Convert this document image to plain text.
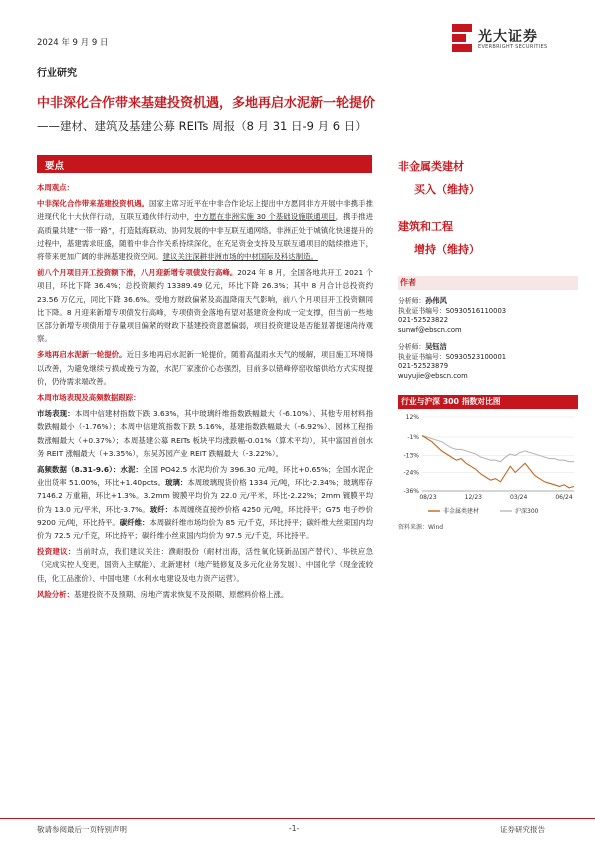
2024 年 9 月 9 日	光大证券
EVERBRIGHT SECURITIES
行业研究
中非深化合作带来基建投资机遇，多地再启水泥新一轮提价
——建材、建筑及基建公募 REITs 周报（8 月 31 日-9 月 6 日）
要点

本周观点：

中非深化合作带来基建投资机遇。国家主席习近平在中非合作论坛上提出中方愿同非方开展中非携手推进现代化十大伙伴行动，互联互通伙伴行动中，中方愿在非洲实施 30 个基础设施联通项目，携手推进高质量共建“一带一路”，打造陆海联动、协同发展的中非互联互通网络。非洲正处于城镇化快速提升的过程中，基建需求旺盛，随着中非合作关系持续深化，在充足资金支持及互联互通项目的陆续推进下，将带来更加广阔的非洲基建投资空间。建议关注深耕非洲市场的中材国际及科达制造。

前八个月项目开工投资额下滑，八月迎新增专项债发行高峰。2024 年 8 月，全国各地共开工 2021 个项目，环比下降 36.4%；总投资额约 13389.49 亿元，环比下降 26.3%；其中 8 月合计总投资约 23.56 万亿元，同比下降 36.6%。受地方财政偏紧及高温降雨天气影响，前八个月项目开工投资额同比下降。8 月迎来新增专项债发行高峰，专项债资金落地有望对基建资金构成一定支撑，但当前一些地区部分新增专项债用于存量项目偏紧的财政下基建投资意愿偏弱，项目投资建设是否能显著提速尚待观察。

多地再启水泥新一轮提价。近日多地再启水泥新一轮提价，随着高温雨水天气的缓解，项目施工环境得以改善，为避免继续亏损或挽亏为盈，水泥厂家涨价心态强烈，目前多以错峰停窑收缩供给方式实现提价，仍待需求端改善。

本周市场表现及高频数据跟踪：

市场表现：本周中信建材指数下跌 3.63%，其中玻璃纤维指数跌幅最大（-6.10%）、其他专用材料指数跌幅最小（-1.76%）；本周中信建筑指数下跌 5.16%，基建指数跌幅最大（-6.92%）、园林工程指数涨幅最大（+0.37%）；本周基建公募 REITs 板块平均涨跌幅-0.01%（算术平均），其中富国首创水务 REIT 涨幅最大（+3.35%），东吴苏园产业 REIT 跌幅最大（-3.22%）。

高频数据（8.31-9.6）：水泥：全国 PO42.5 水泥均价为 396.30 元/吨，环比+0.65%；全国水泥企业出货率 51.00%，环比+1.40pcts。玻璃：本周玻璃现货价格 1334 元/吨，环比-2.34%；玻璃库存 7146.2 万重箱，环比+1.3%。3.2mm 镀膜平均价为 22.0 元/平米，环比-2.22%；2mm 镀膜平均价为 13.0 元/平米，环比-3.7%。玻纤：本周缠绕直接纱价格 4250 元/吨，环比持平；G75 电子纱价 9200 元/吨，环比持平。碳纤维：本周碳纤维市场均价为 85 元/千克，环比持平；碳纤维大丝束国内均价为 72.5 元/千克，环比持平；碳纤维小丝束国内均价为 97.5 元/千克，环比持平。

投资建议：当前时点，我们建议关注：濮耐股份（耐材出海，活性氧化镁新品国产替代）、华铁应急（完成实控人变更，国资入主赋能）、北新建材（地产链修复及多元化业务发展）、中国化学（现金流较佳，化工品涨价）、中国电建（水利水电建设及电力资产运营）。

风险分析：基建投资不及预期、房地产需求恢复不及预期、原燃料价格上涨。

非金属类建材
买入（维持）
建筑和工程
增持（维持）
作者
分析师：孙伟风
执业证书编号：S0930516110003
021-52523822
sunwf@ebscn.com
分析师：吴钰洁
执业证书编号：S0930523100001
021-52523879
wuyujie@ebscn.com
行业与沪深 300 指数对比图
12%
-1%
-13%
-24%
-36%
08/23	12/23	03/24	06/24
非金属类建材	沪深300
资料来源：Wind
敬请参阅最后一页特别声明	-1-	证券研究报告
